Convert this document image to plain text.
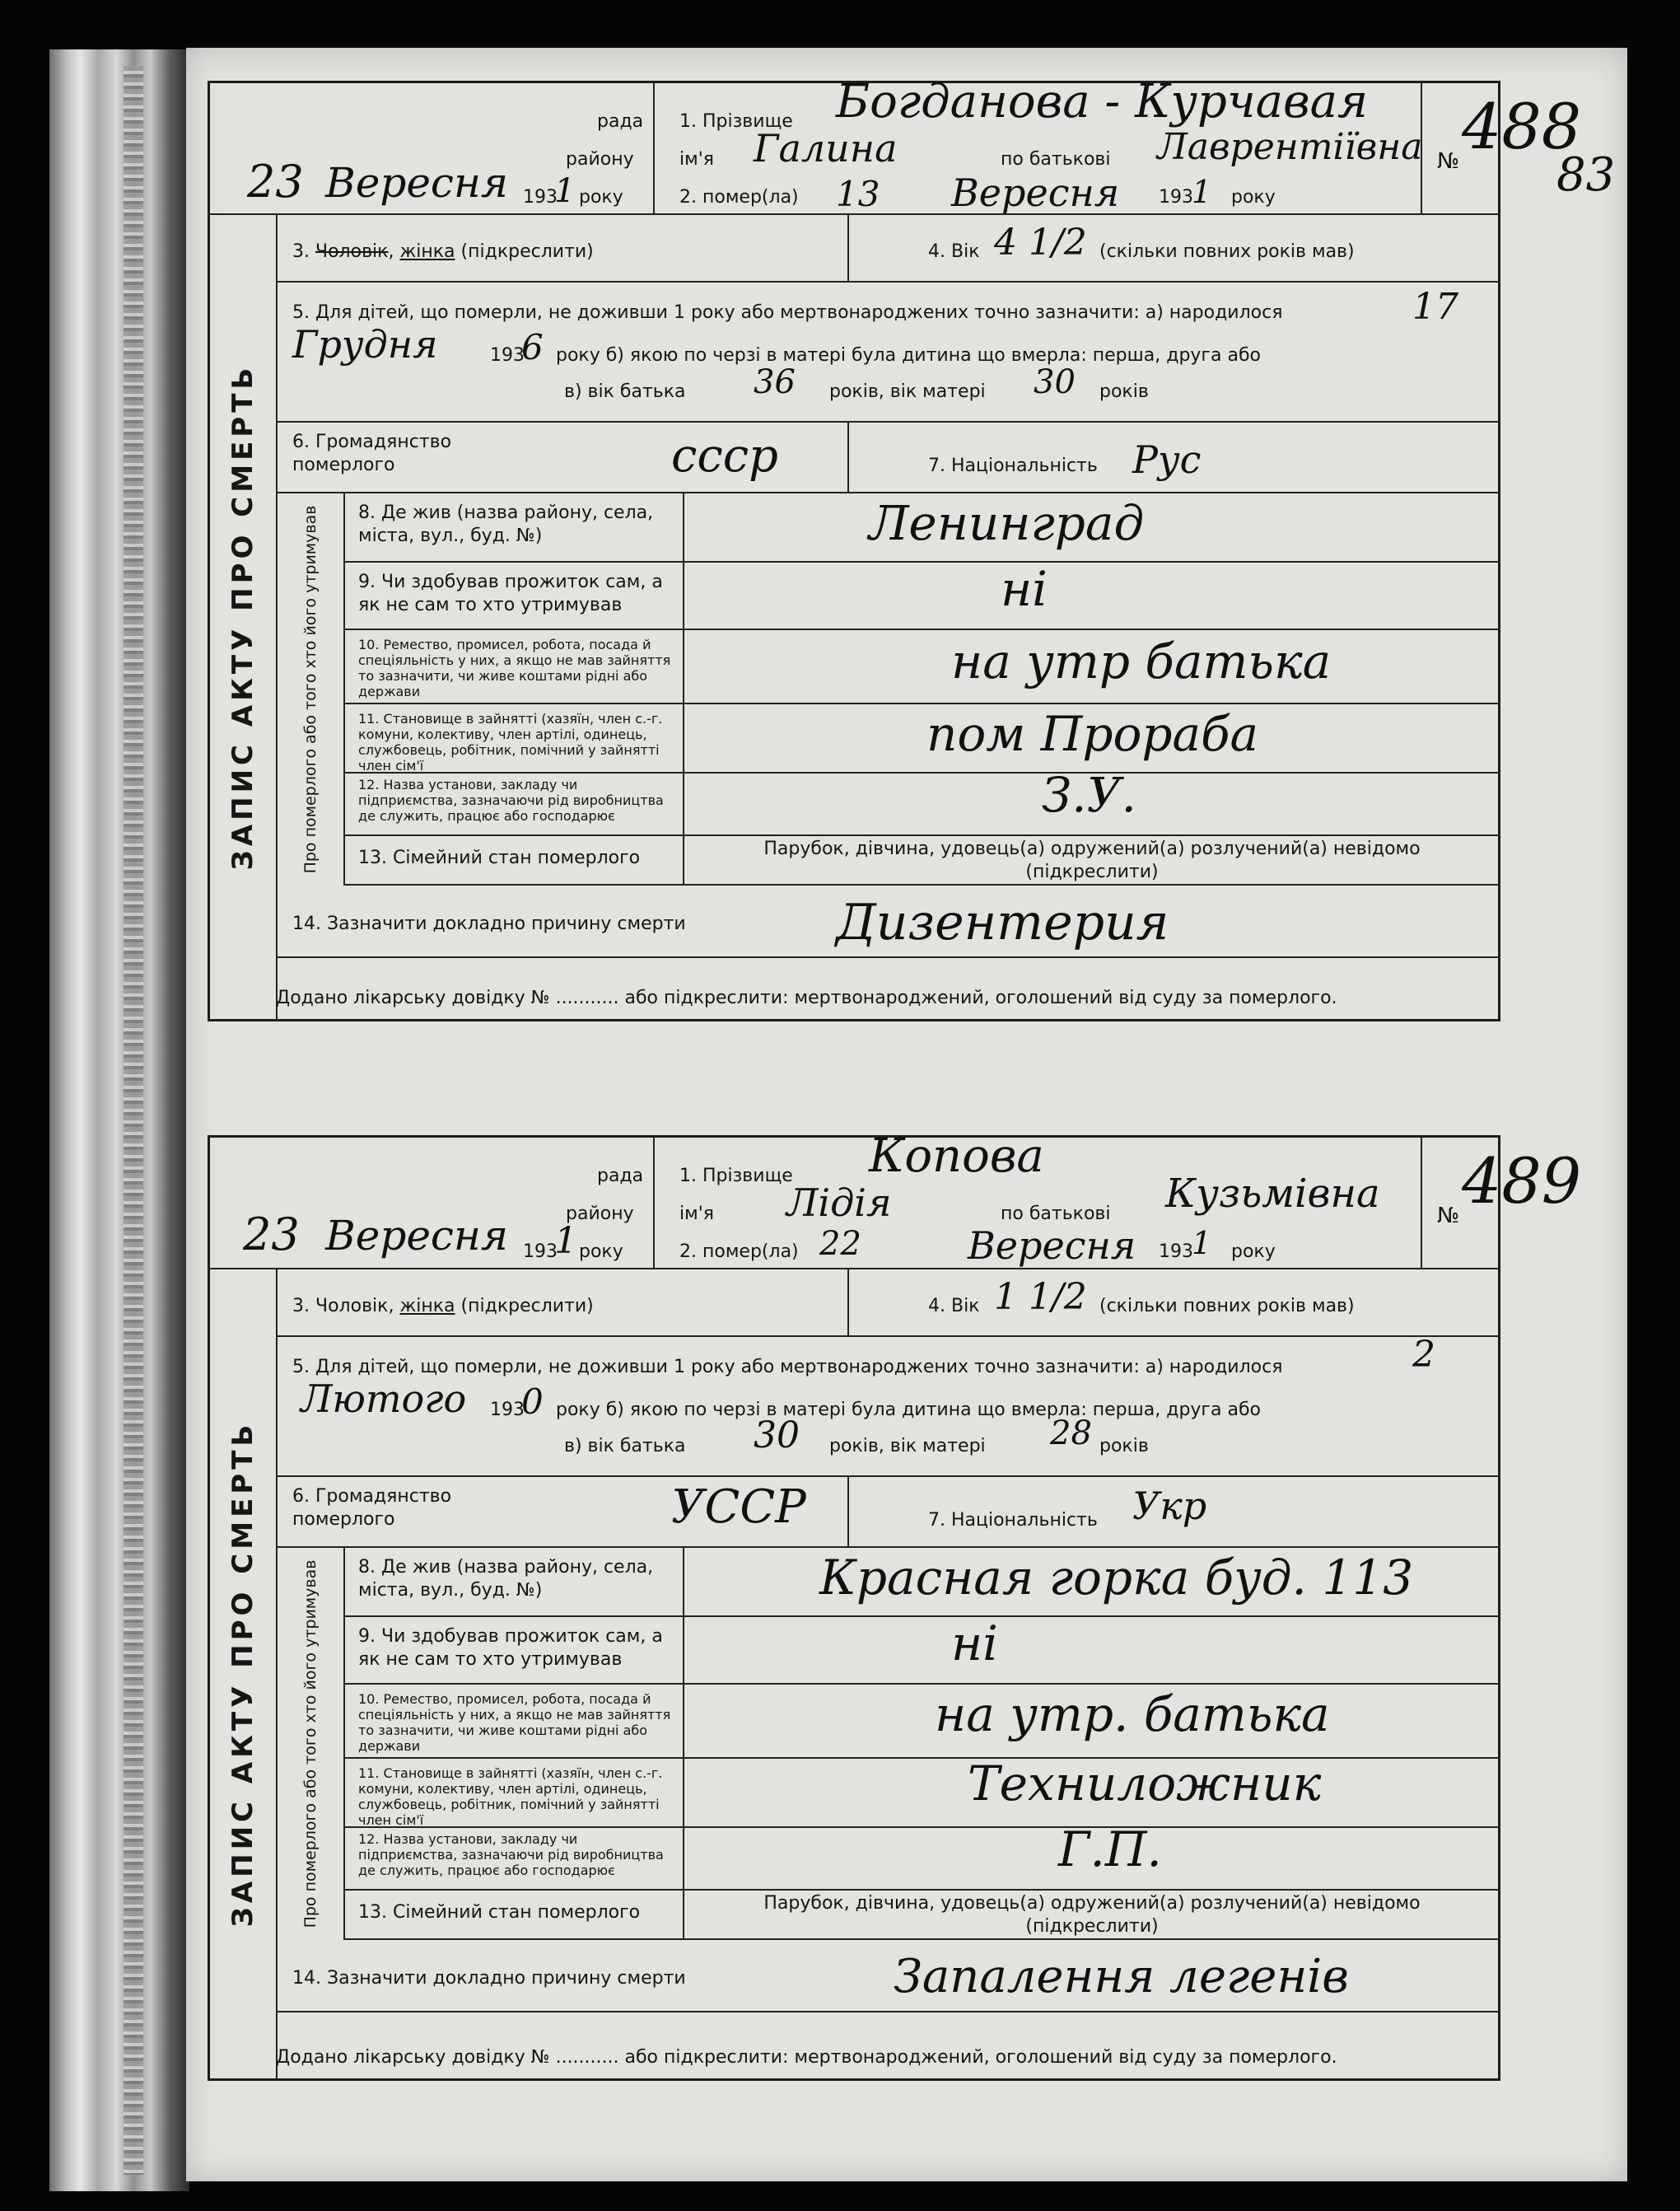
рада
району
23 Вересня 193
1 року
1. Прізвище Богданова - Курчавая
ім'я Галина	по батькові Лаврентіївна
2. помер(ла) 13 Вересня 193
1 року
№ 488
ЗАПИС АКТУ ПРО СМЕРТЬ
3. Чоловік, жінка (підкреслити)	4. Вік 4 1/2 (скільки повних років мав)
5. Для дітей, що померли, не доживши 1 року або мертвонароджених точно зазначити: а) народилося	17
Грудня	193
6 року б) якою по черзі в матері була дитина що вмерла: перша, друга або
в) вік батька 36 років, вік матері 30 років
6. Громадянство померлого	ссср	7. Національність Рус
Про померлого або того хто його утримував 8. Де жив (назва району, села, міста, вул., буд. №)	Ленинград
9. Чи здобував прожиток сам, а як не сам то хто утримував	ні
10. Ремество, промисел, робота, посада й спеціяльність у них, а якщо не мав зайняття то зазначити, чи живе коштами рідні або держави
на утр батька
11. Становище в зайнятті (хазяїн, член с.-г. комуни, колективу, член артілі, одинець, службовець, робітник, помічний у зайнятті член сім'ї
пом Прораба
12. Назва установи, закладу чи підприємства, зазначаючи рід виробництва де служить, працює або господарює	З.У.
13. Сімейний стан померлого	Парубок, дівчина, удовець(а) одружений(а) розлучений(а) невідомо (підкреслити)
14. Зазначити докладно причину смерти	Дизентерия
Додано лікарську довідку № ........... або підкреслити: мертвонароджений, оголошений від суду за померлого.
83
рада
району
23 Вересня 193
1 року
1. Прізвище Копова
ім'я Лідія	по батькові Кузьмівна
2. помер(ла) 22	Вересня 193
1 року
№ 489
ЗАПИС АКТУ ПРО СМЕРТЬ
3. Чоловік, жінка (підкреслити)	4. Вік 1 1/2 (скільки повних років мав)
5. Для дітей, що померли, не доживши 1 року або мертвонароджених точно зазначити: а) народилося	2
Лютого 193
0 року б) якою по черзі в матері була дитина що вмерла: перша, друга або
в) вік батька 30 років, вік матері 28 років
6. Громадянство померлого	УССР	7. Національність Укр
Про померлого або того хто його утримував 8. Де жив (назва району, села, міста, вул., буд. №)	Красная горка буд. 113
9. Чи здобував прожиток сам, а як не сам то хто утримував	ні
10. Ремество, промисел, робота, посада й спеціяльність у них, а якщо не мав зайняття то зазначити, чи живе коштами рідні або держави
на утр. батька
11. Становище в зайнятті (хазяїн, член с.-г. комуни, колективу, член артілі, одинець, службовець, робітник, помічний у зайнятті член сім'ї
Техниложник
12. Назва установи, закладу чи підприємства, зазначаючи рід виробництва де служить, працює або господарює	Г.П.
13. Сімейний стан померлого	Парубок, дівчина, удовець(а) одружений(а) розлучений(а) невідомо (підкреслити)
14. Зазначити докладно причину смерти	Запалення легенів
Додано лікарську довідку № ........... або підкреслити: мертвонароджений, оголошений від суду за померлого.
